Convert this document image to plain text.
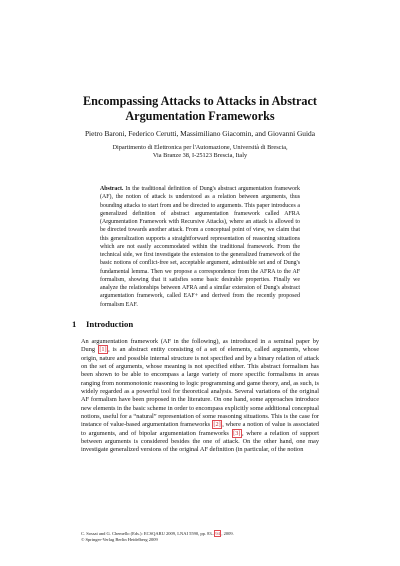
Encompassing Attacks to Attacks in Abstract
Argumentation Frameworks
Pietro Baroni, Federico Cerutti, Massimiliano Giacomin, and Giovanni Guida
Dipartimento di Elettronica per l'Automazione, Università di Brescia,
Via Branze 38, I-25123 Brescia, Italy
Abstract. In the traditional definition of Dung's abstract argumentation framework (AF), the notion of attack is understood as a relation between arguments, thus bounding attacks to start from and be directed to arguments. This paper introduces a generalized definition of abstract argumentation framework called AFRA (Argumentation Framework with Recursive Attacks), where an attack is allowed to be directed towards another attack. From a conceptual point of view, we claim that this generalization supports a straightforward representation of reasoning situations which are not easily accommodated within the traditional framework. From the technical side, we first investigate the extension to the generalized framework of the basic notions of conflict-free set, acceptable argument, admissible set and of Dung's fundamental lemma. Then we propose a correspondence from the AFRA to the AF formalism, showing that it satisfies some basic desirable properties. Finally we analyze the relationships between AFRA and a similar extension of Dung's abstract argumentation framework, called EAF+ and derived from the recently proposed formalism EAF.
1 Introduction
An argumentation framework (AF in the following), as introduced in a seminal paper by Dung [1] , is an abstract entity consisting of a set of elements, called arguments, whose origin, nature and possible internal structure is not specified and by a binary relation of attack on the set of arguments, whose meaning is not specified either. This abstract formalism has been shown to be able to encompass a large variety of more specific formalisms in areas ranging from nonmonotonic reasoning to logic programming and game theory, and, as such, is widely regarded as a powerful tool for theoretical analysis. Several variations of the original AF formalism have been proposed in the literature. On one hand, some approaches introduce new elements in the basic scheme in order to encompass explicitly some additional conceptual notions, useful for a “natural” representation of some reasoning situations. This is the case for instance of value-based argumentation frameworks [2] , where a notion of value is associated to arguments, and of bipolar argumentation frameworks [3] , where a relation of support between arguments is considered besides the one of attack. On the other hand, one may investigate generalized versions of the original AF definition (in particular, of the notion
C. Sossai and G. Chemello (Eds.): ECSQARU 2009, LNAI 5590, pp. 83– 94 , 2009.
© Springer-Verlag Berlin Heidelberg 2009
